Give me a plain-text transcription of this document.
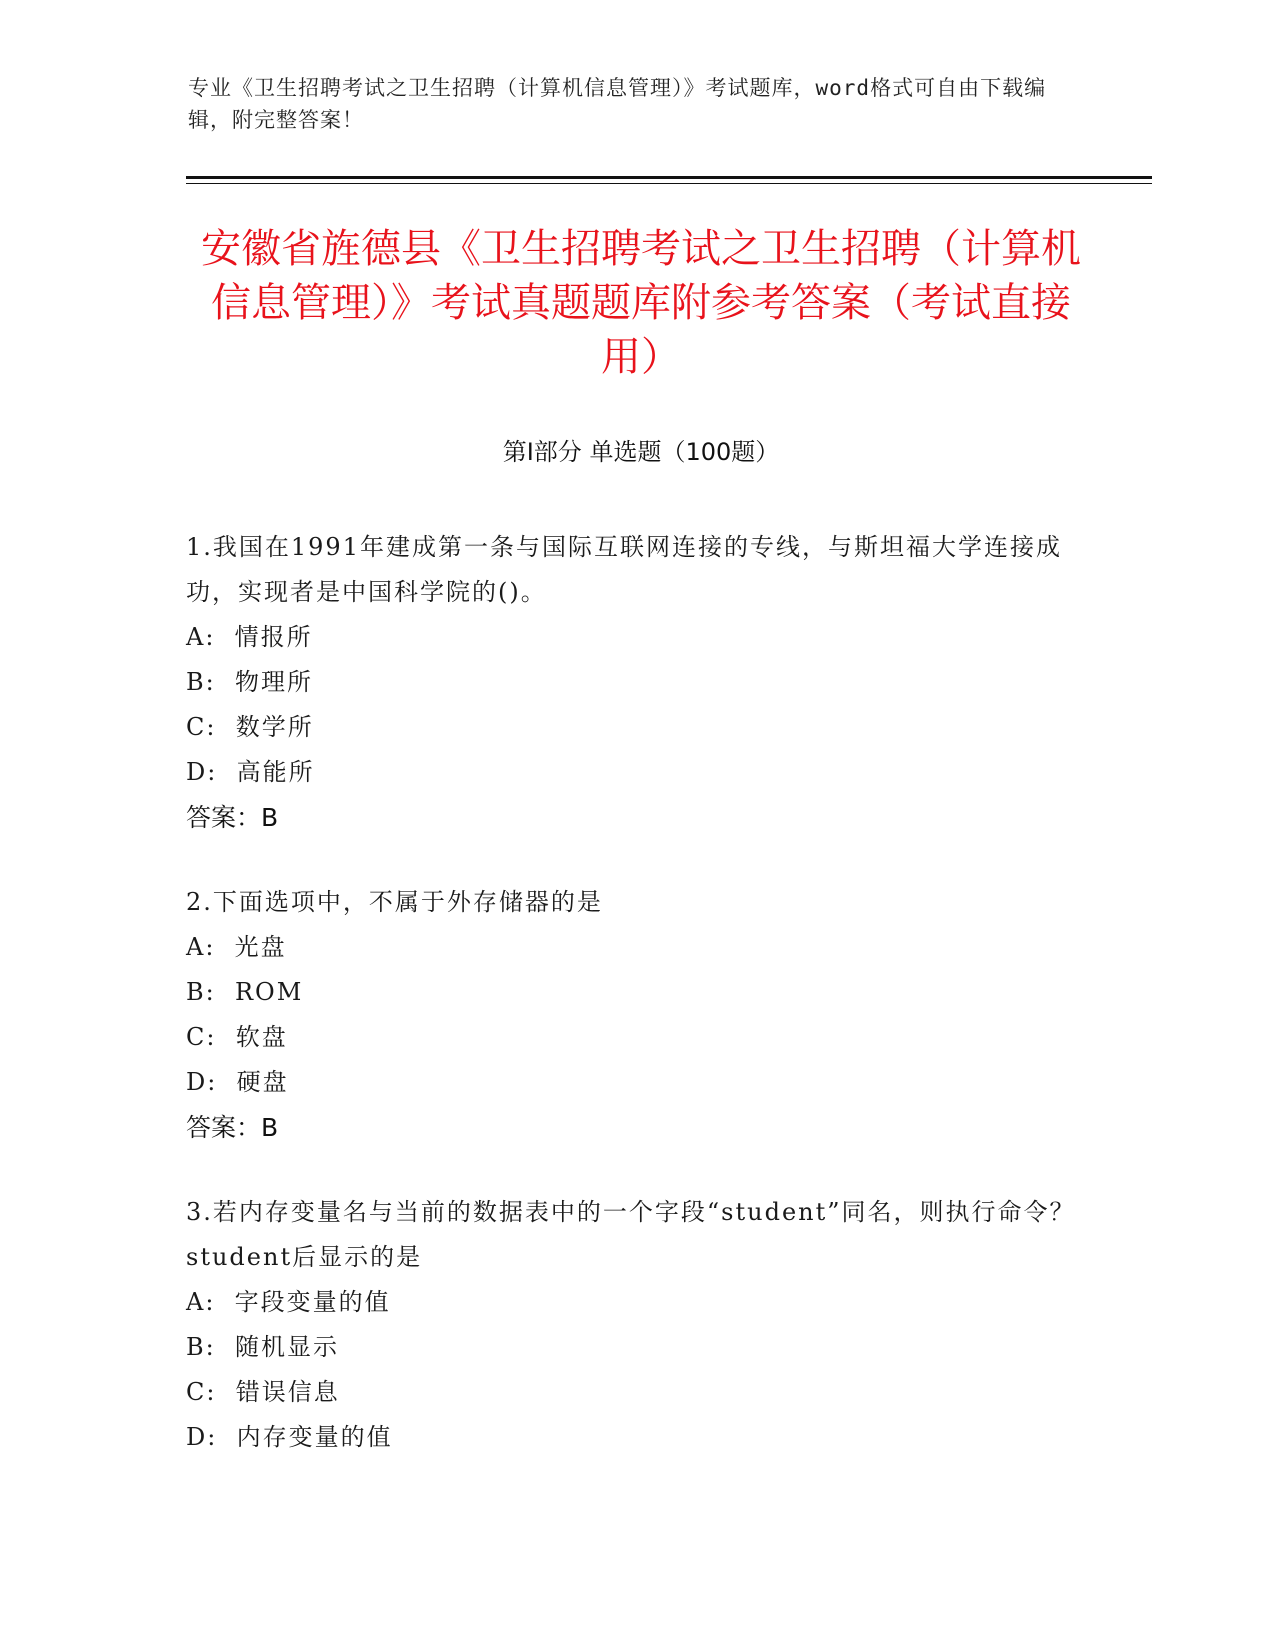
专业《卫生招聘考试之卫生招聘（计算机信息管理）》考试题库，word格式可自由下载编辑，附完整答案！
安徽省旌德县《卫生招聘考试之卫生招聘（计算机信息管理）》考试真题题库附参考答案（考试直接用）
第I部分 单选题（100题）
1.我国在1991年建成第一条与国际互联网连接的专线，与斯坦福大学连接成功，实现者是中国科学院的()。
A:  情报所
B:  物理所
C:  数学所
D:  高能所
答案：B
2.下面选项中，不属于外存储器的是
A:  光盘
B:  ROM
C:  软盘
D:  硬盘
答案：B
3.若内存变量名与当前的数据表中的一个字段“student”同名，则执行命令？student后显示的是
A:  字段变量的值
B:  随机显示
C:  错误信息
D:  内存变量的值
